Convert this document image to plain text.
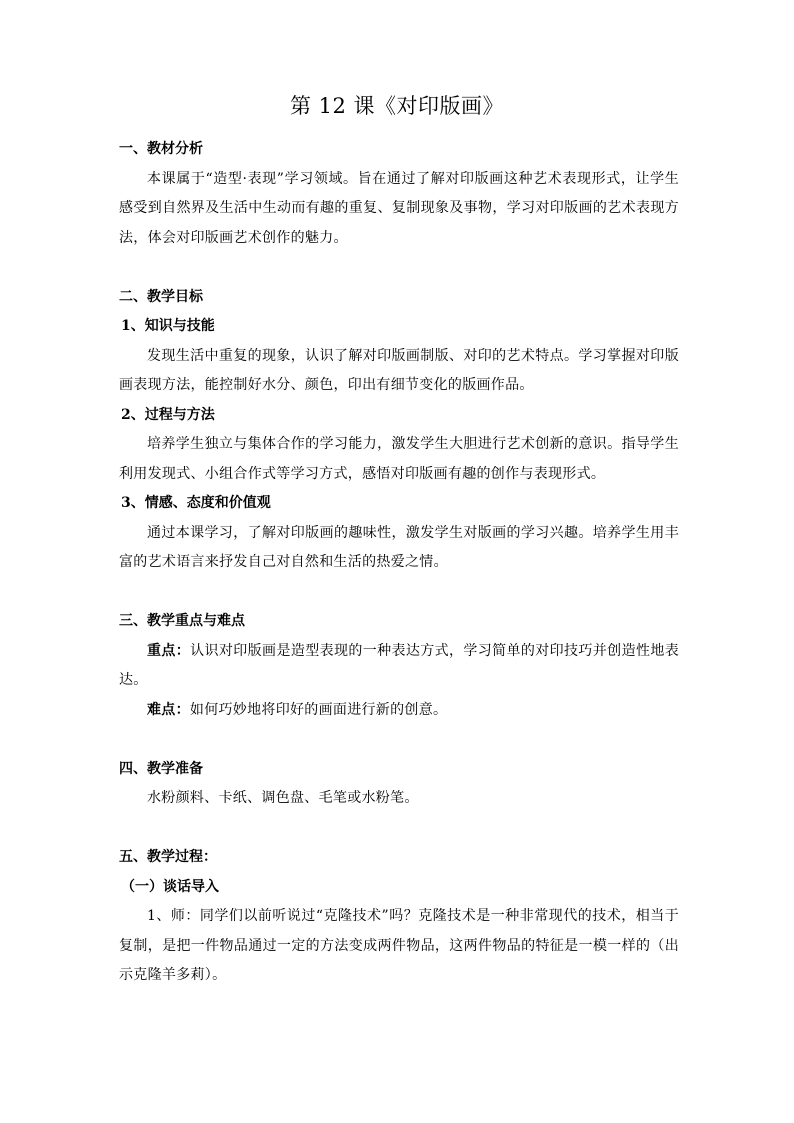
第 12 课《对印版画》

一、教材分析

本课属于“造型·表现”学习领域。旨在通过了解对印版画这种艺术表现形式，让学生感受到自然界及生活中生动而有趣的重复、复制现象及事物，学习对印版画的艺术表现方法，体会对印版画艺术创作的魅力。

二、教学目标

1、知识与技能

发现生活中重复的现象，认识了解对印版画制版、对印的艺术特点。学习掌握对印版画表现方法，能控制好水分、颜色，印出有细节变化的版画作品。

2、过程与方法

培养学生独立与集体合作的学习能力，激发学生大胆进行艺术创新的意识。指导学生利用发现式、小组合作式等学习方式，感悟对印版画有趣的创作与表现形式。

3、情感、态度和价值观

通过本课学习，了解对印版画的趣味性，激发学生对版画的学习兴趣。培养学生用丰富的艺术语言来抒发自己对自然和生活的热爱之情。

三、教学重点与难点

重点：认识对印版画是造型表现的一种表达方式，学习简单的对印技巧并创造性地表达。

难点：如何巧妙地将印好的画面进行新的创意。

四、教学准备

水粉颜料、卡纸、调色盘、毛笔或水粉笔。

五、教学过程：

（一）谈话导入

1、师：同学们以前听说过“克隆技术”吗？克隆技术是一种非常现代的技术，相当于复制，是把一件物品通过一定的方法变成两件物品，这两件物品的特征是一模一样的（出示克隆羊多莉）。
